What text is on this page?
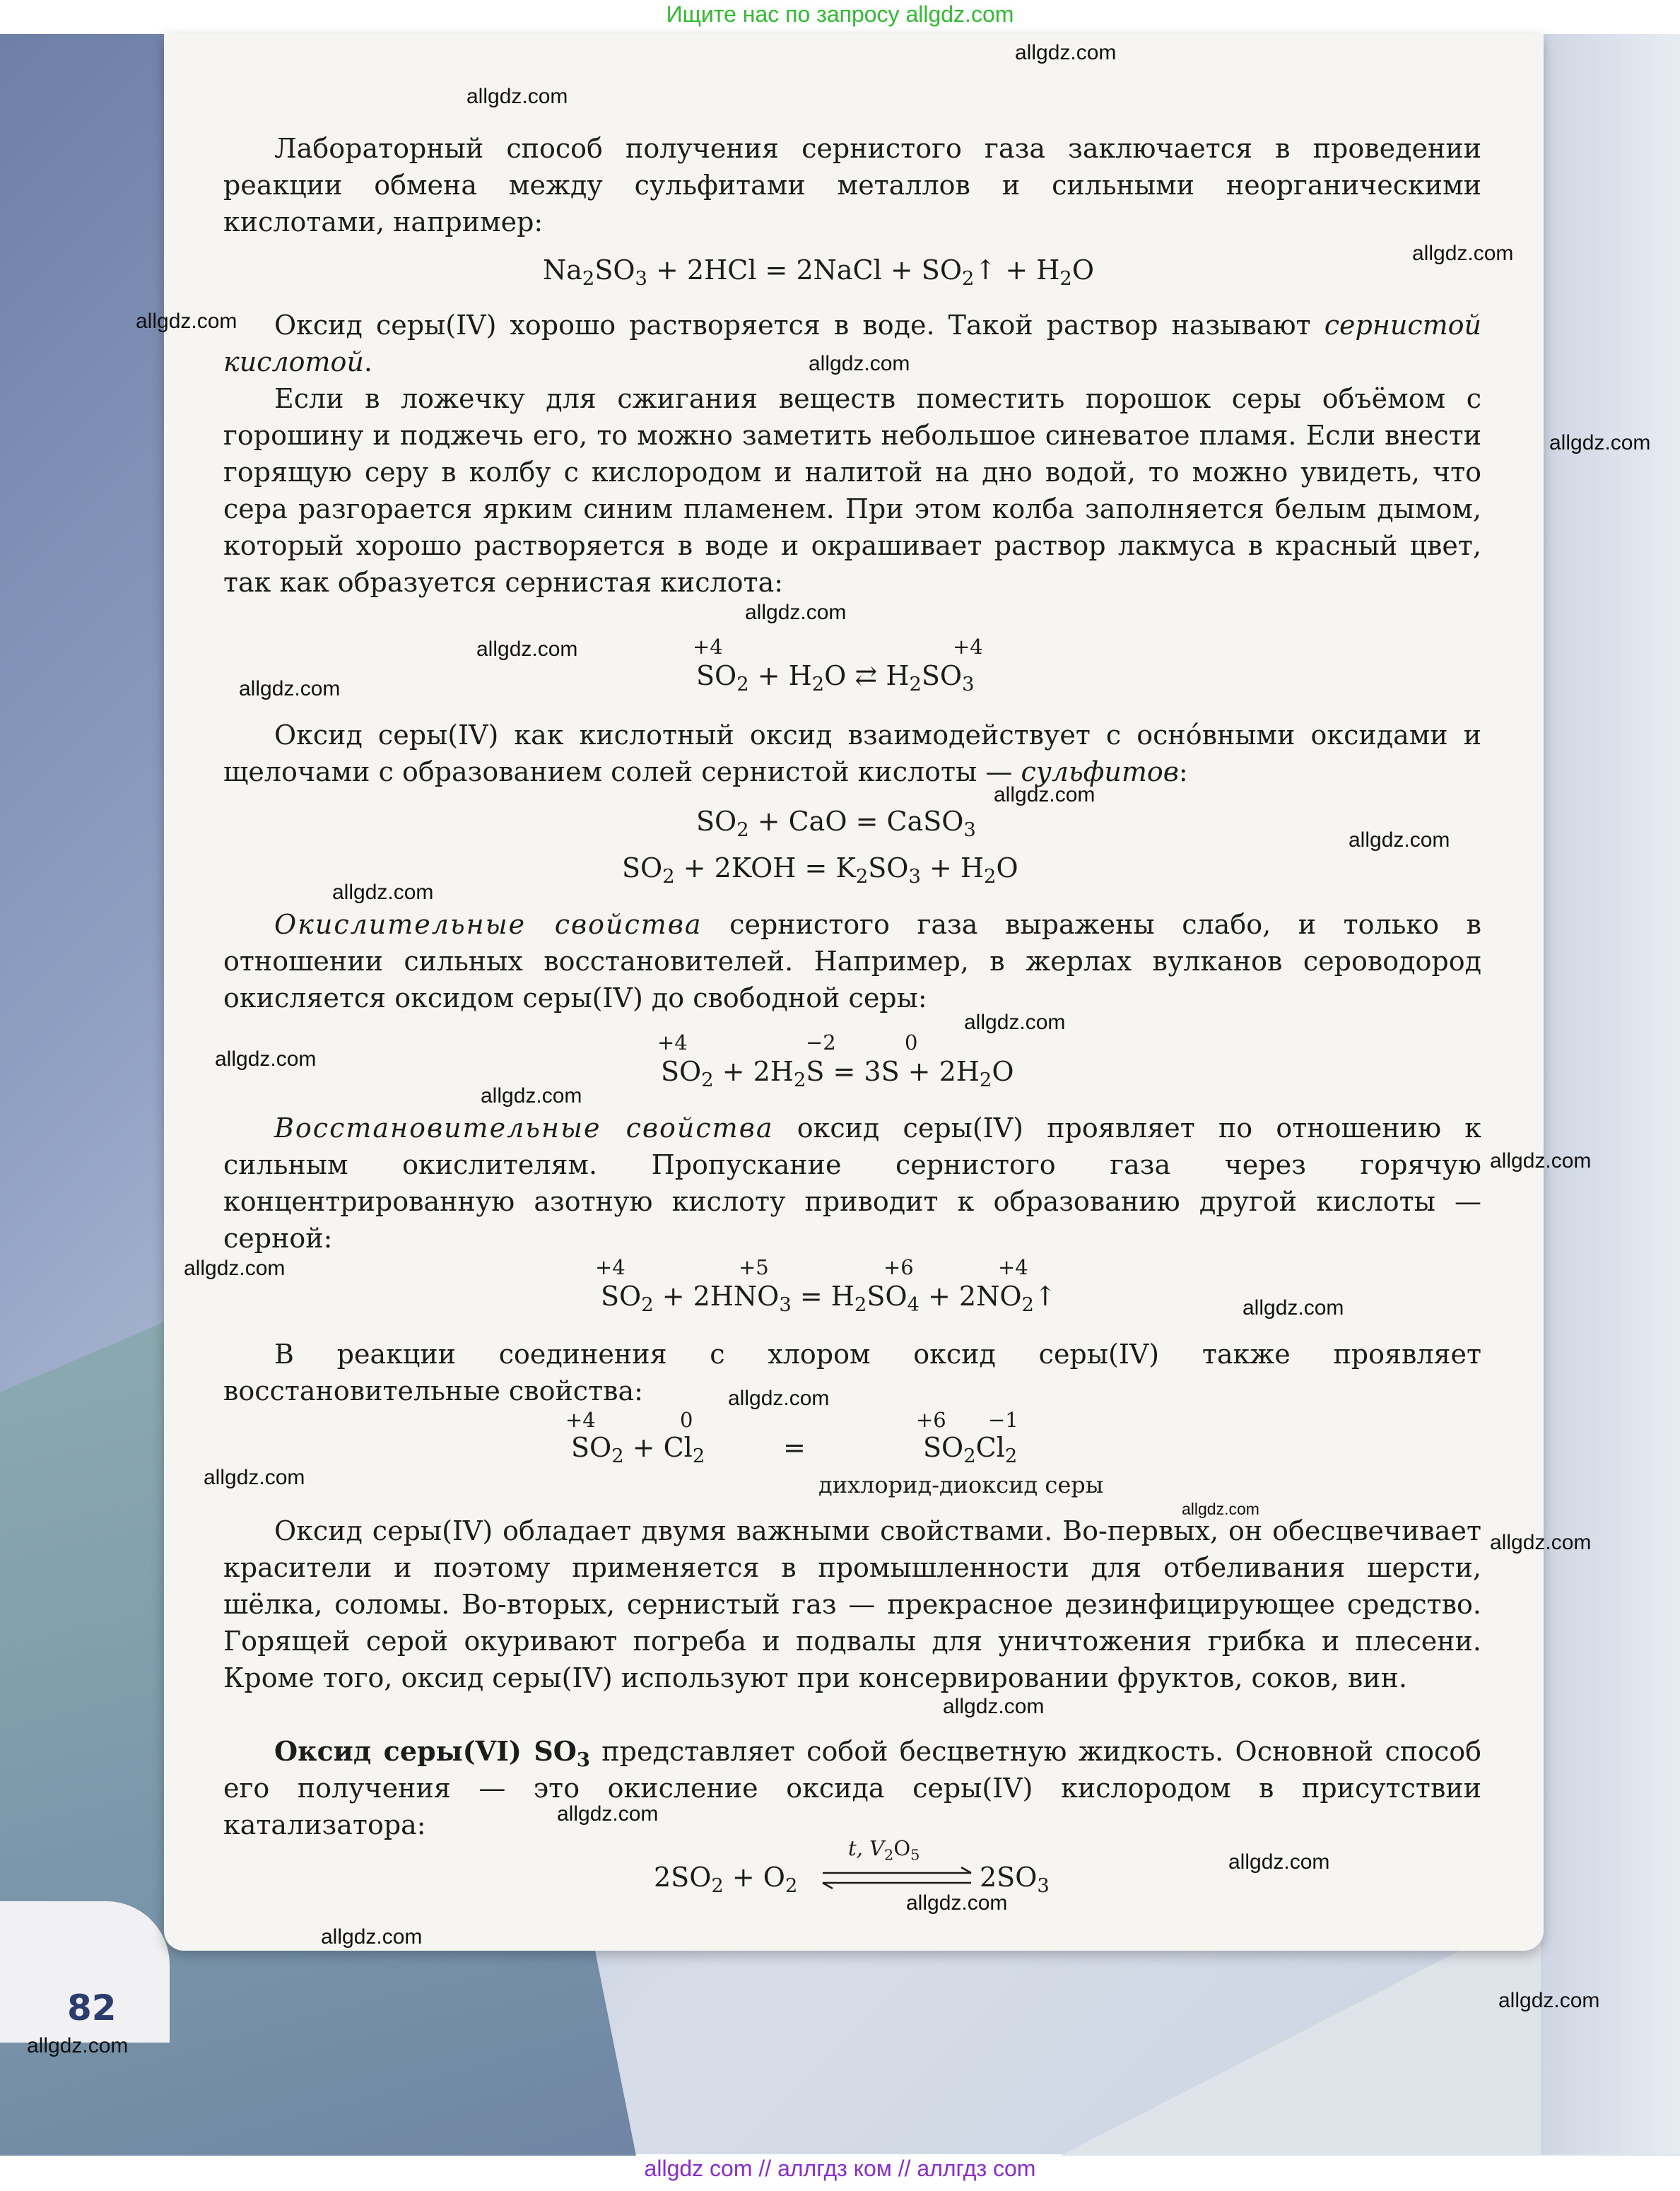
Ищите нас по запросу allgdz.com
Лабораторный способ получения сернистого газа заключается в проведении реакции обмена между сульфитами металлов и сильными неорганическими кислотами, например:
$Na_2SO_3 + 2HCl$ = 2NaCl + $SO_2↑ + H_2O$
Оксид серы(IV) хорошо растворяется в воде. Такой раствор называют сернистой кислотой.
Если в ложечку для сжигания веществ поместить порошок серы объёмом с горошину и поджечь его, то можно заметить небольшое синеватое пламя. Если внести горящую серу в колбу с кислородом и налитой на дно водой, то можно увидеть, что сера разгорается ярким синим пламенем. При этом колба заполняется белым дымом, который хорошо растворяется в воде и окрашивает раствор лакмуса в красный цвет, так как образуется сернистая кислота:
+4	+4
$SO_2 + H_2O$ ⇄ $H_2SO_3$
Оксид серы(IV) как кислотный оксид взаимодействует с осно́вными оксидами и щелочами с образованием солей сернистой кислоты — сульфитов:
$SO_2$ + CaO = CaSO$_3$
$SO_2 + 2KOH = K_2SO_3 + H_2O$
Окислительные свойства сернистого газа выражены слабо, и только в отношении сильных восстановителей. Например, в жерлах вулканов сероводород окисляется оксидом серы(IV) до свободной серы:
+4	−2	0
$SO_2 + 2H_2S = 3S + 2H_2O$
Восстановительные свойства оксид серы(IV) проявляет по отношению к сильным окислителям. Пропускание сернистого газа через горячую концентрированную азотную кислоту приводит к образованию другой кислоты — серной:
+4	+5	+6	+4
$SO_2 + 2HNO_3 = H_2SO_4$ + $2NO_2↑$
В реакции соединения с хлором оксид серы(IV) также проявляет восстановительные свойства:
+4	0	+6 −1
$SO_2 + Cl_2$	=	$SO_2Cl_2$
дихлорид-диоксид серы
Оксид серы(IV) обладает двумя важными свойствами. Во-первых, он обесцвечивает красители и поэтому применяется в промышленности для отбеливания шерсти, шёлка, соломы. Во-вторых, сернистый газ — прекрасное дезинфицирующее средство. Горящей серой окуривают погреба и подвалы для уничтожения грибка и плесени. Кроме того, оксид серы(IV) используют при консервировании фруктов, соков, вин.
Оксид серы(VI) $SO_3$ представляет собой бесцветную жидкость. Основной способ его получения — это окисление оксида серы(IV) кислородом в присутствии катализатора:
$2SO_2 + O_2$
t, $V_2O_5$
$2SO_3$
82
allgdz.com
allgdz.com
allgdz.com
allgdz.com
allgdz.com
allgdz.com
allgdz.com
allgdz.com
allgdz.com
allgdz.com
allgdz.com
allgdz.com
allgdz.com
allgdz.com
allgdz.com
allgdz.com
allgdz.com
allgdz.com
allgdz.com
allgdz.com
allgdz.com
allgdz.com
allgdz.com
allgdz.com
allgdz.com
allgdz.com
allgdz.com
allgdz.com
allgdz.com
allgdz com // аллгдз ком // аллгдз com
